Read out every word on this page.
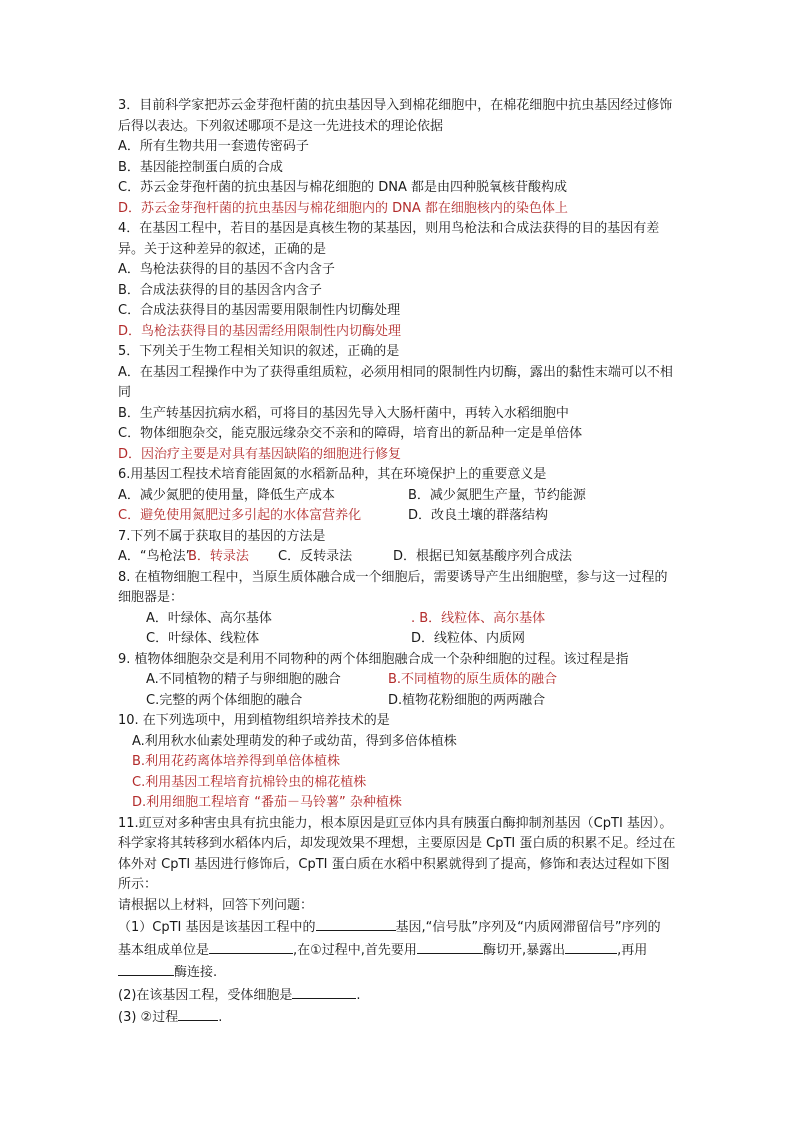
3．目前科学家把苏云金芽孢杆菌的抗虫基因导入到棉花细胞中，在棉花细胞中抗虫基因经过修饰后得以表达。下列叙述哪项不是这一先进技术的理论依据
A．所有生物共用一套遗传密码子
B．基因能控制蛋白质的合成
C．苏云金芽孢杆菌的抗虫基因与棉花细胞的 DNA 都是由四种脱氧核苷酸构成
D．苏云金芽孢杆菌的抗虫基因与棉花细胞内的 DNA 都在细胞核内的染色体上
4．在基因工程中，若目的基因是真核生物的某基因，则用鸟枪法和合成法获得的目的基因有差异。关于这种差异的叙述，正确的是
A．鸟枪法获得的目的基因不含内含子
B．合成法获得的目的基因含内含子
C．合成法获得目的基因需要用限制性内切酶处理
D．鸟枪法获得目的基因需经用限制性内切酶处理
5．下列关于生物工程相关知识的叙述，正确的是
A．在基因工程操作中为了获得重组质粒，必须用相同的限制性内切酶，露出的黏性末端可以不相同
B．生产转基因抗病水稻，可将目的基因先导入大肠杆菌中，再转入水稻细胞中
C．物体细胞杂交，能克服远缘杂交不亲和的障碍，培育出的新品种一定是单倍体
D．因治疗主要是对具有基因缺陷的细胞进行修复
6.用基因工程技术培育能固氮的水稻新品种，其在环境保护上的重要意义是
A．减少氮肥的使用量，降低生产成本	B．减少氮肥生产量，节约能源
C．避免使用氮肥过多引起的水体富营养化	D．改良土壤的群落结构
7.下列不属于获取目的基因的方法是
A．“鸟枪法”
B．转录法	C．反转录法	D．根据已知氨基酸序列合成法
8. 在植物细胞工程中，当原生质体融合成一个细胞后，需要诱导产生出细胞壁，参与这一过程的细胞器是：
A．叶绿体、高尔基体	. B．线粒体、高尔基体
C．叶绿体、线粒体	D．线粒体、内质网
9. 植物体细胞杂交是利用不同物种的两个体细胞融合成一个杂种细胞的过程。该过程是指
A.不同植物的精子与卵细胞的融合	B.不同植物的原生质体的融合
C.完整的两个体细胞的融合	D.植物花粉细胞的两两融合
10. 在下列选项中，用到植物组织培养技术的是
A.利用秋水仙素处理萌发的种子或幼苗，得到多倍体植株
B.利用花药离体培养得到单倍体植株
C.利用基因工程培育抗棉铃虫的棉花植株
D.利用细胞工程培育 “番茄－马铃薯” 杂种植株
11.豇豆对多种害虫具有抗虫能力，根本原因是豇豆体内具有胰蛋白酶抑制剂基因（CpTI 基因）。科学家将其转移到水稻体内后，却发现效果不理想，主要原因是 CpTI 蛋白质的积累不足。经过在体外对 CpTI 基因进行修饰后，CpTI 蛋白质在水稻中积累就得到了提高，修饰和表达过程如下图所示：
请根据以上材料，回答下列问题：
（1）CpTI 基因是该基因工程中的	基因,“信号肽”序列及“内质网滞留信号”序列的
基本组成单位是	,在①过程中,首先要用	酶切开,暴露出	,再用
酶连接.
(2)在该基因工程，受体细胞是	.
(3) ②过程	.
